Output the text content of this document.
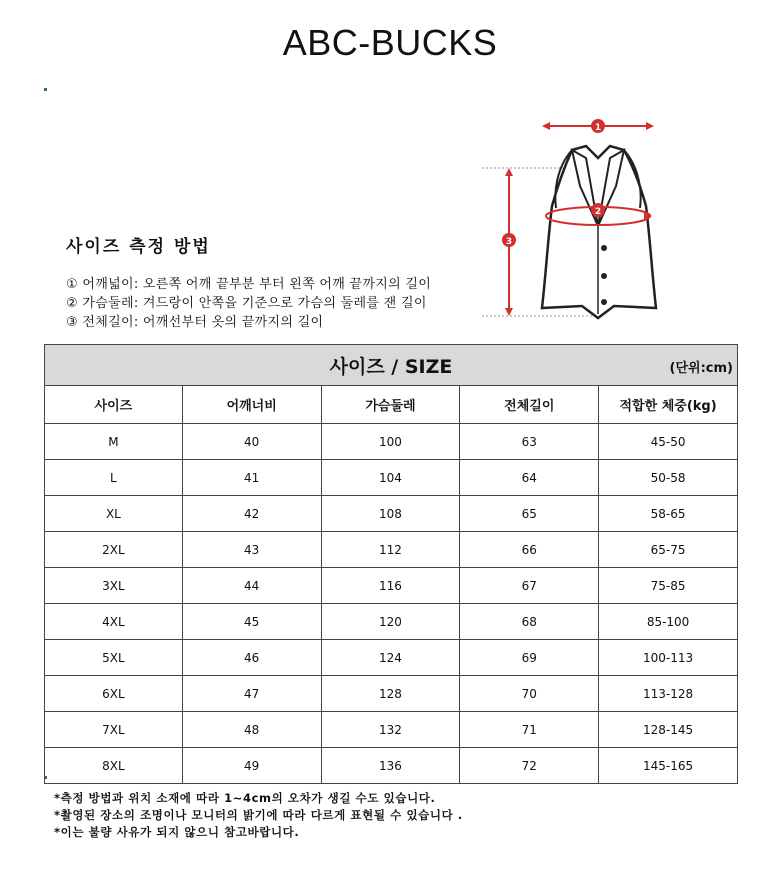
ABC-BUCKS
사이즈 측정 방법
① 어깨넓이: 오른쪽 어깨 끝부분 부터 왼쪽 어깨 끝까지의 길이
② 가슴둘레: 겨드랑이 안쪽을 기준으로 가슴의 둘레를 잰 길이
③ 전체길이: 어깨선부터 옷의 끝까지의 길이
1
3
2
사이즈 / SIZE (단위:cm)				

사이즈	어깨너비	가슴둘레	전체길이	적합한 체중(kg)
M	40	100	63	45-50
L	41	104	64	50-58
XL	42	108	65	58-65
2XL	43	112	66	65-75
3XL	44	116	67	75-85
4XL	45	120	68	85-100
5XL	46	124	69	100-113
6XL	47	128	70	113-128
7XL	48	132	71	128-145
8XL	49	136	72	145-165
*측정 방법과 위치 소재에 따라 1~4cm의 오차가 생길 수도 있습니다.
*촬영된 장소의 조명이나 모니터의 밝기에 따라 다르게 표현될 수 있습니다 .
*이는 불량 사유가 되지 않으니 참고바랍니다.
